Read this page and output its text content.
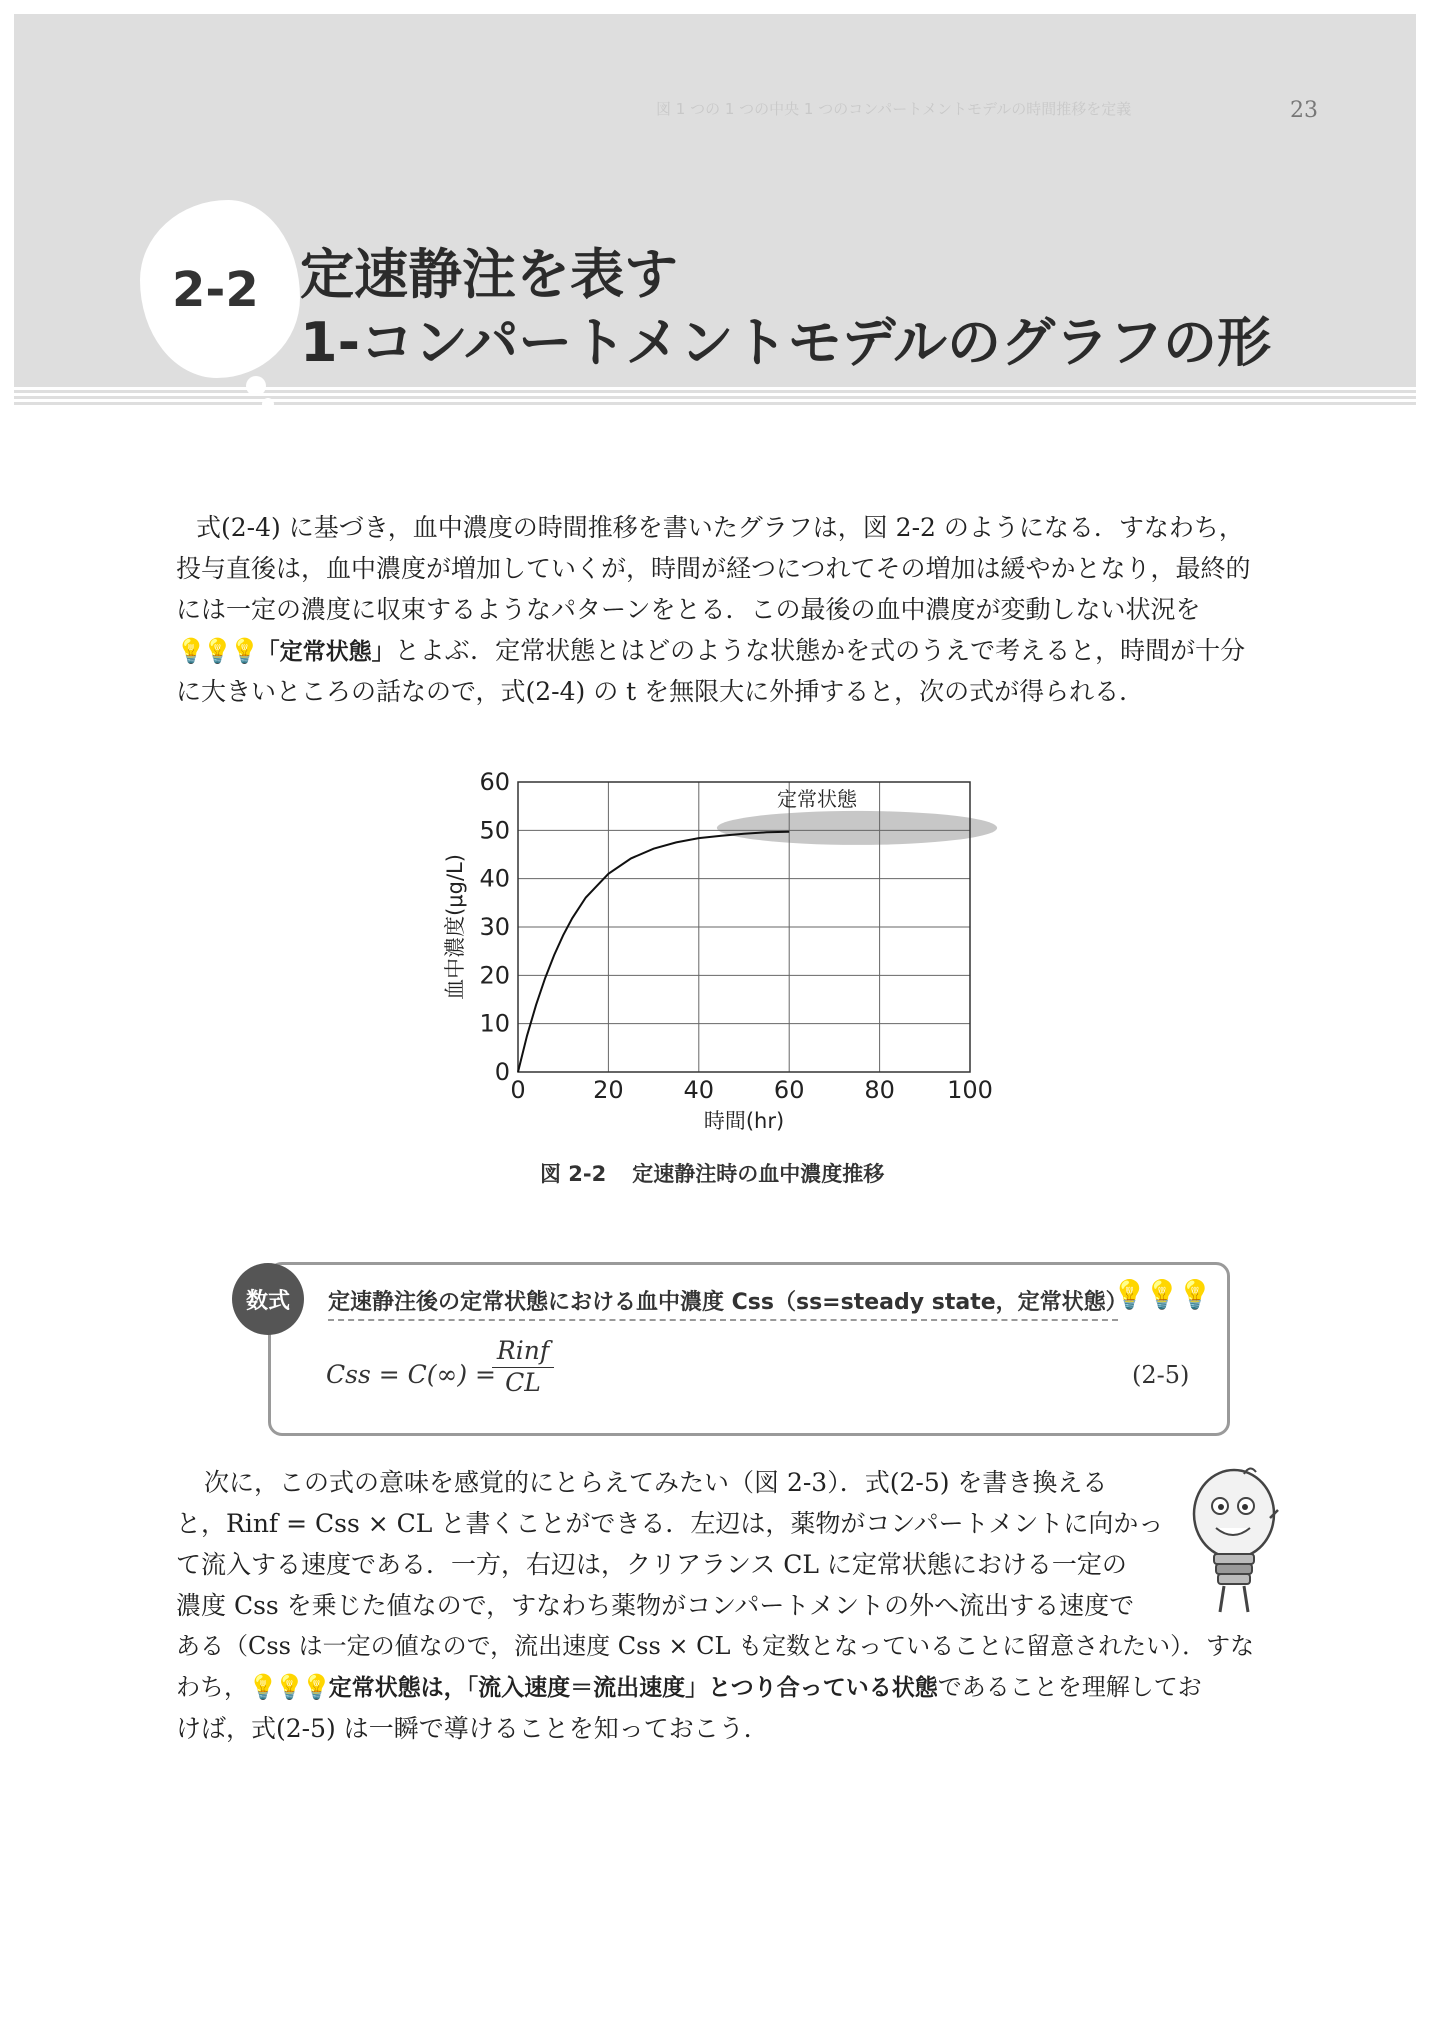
図 1 つの 1 つの中央 1 つのコンパートメントモデルの時間推移を定義	23
2-2 定速静注を表す
1-コンパートメントモデルのグラフの形
式(2-4) に基づき，血中濃度の時間推移を書いたグラフは，図 2-2 のようになる．すなわち，
投与直後は，血中濃度が増加していくが，時間が経つにつれてその増加は緩やかとなり，最終的
には一定の濃度に収束するようなパターンをとる．この最後の血中濃度が変動しない状況を
💡💡💡「定常状態」とよぶ．定常状態とはどのような状態かを式のうえで考えると，時間が十分
に大きいところの話なので，式(2-4) の t を無限大に外挿すると，次の式が得られる．
0	20 40 60 80 100
0
10
20
30
40
50
60
時間(hr)
血中濃度(μg/L)
定常状態
図 2-2 定速静注時の血中濃度推移
数式	定速静注後の定常状態における血中濃度 Css（ss=steady state，定常状態）
💡💡💡
Css = C(∞) =
Rinf
CL	(2-5)
次に，この式の意味を感覚的にとらえてみたい（図 2-3）．式(2-5) を書き換える
と，Rinf = Css × CL と書くことができる．左辺は，薬物がコンパートメントに向かっ
て流入する速度である．一方，右辺は，クリアランス CL に定常状態における一定の
濃度 Css を乗じた値なので，すなわち薬物がコンパートメントの外へ流出する速度で
ある（Css は一定の値なので，流出速度 Css × CL も定数となっていることに留意されたい）．すな
わち，💡💡💡定常状態は，「流入速度＝流出速度」とつり合っている状態であることを理解してお
けば，式(2-5) は一瞬で導けることを知っておこう．
